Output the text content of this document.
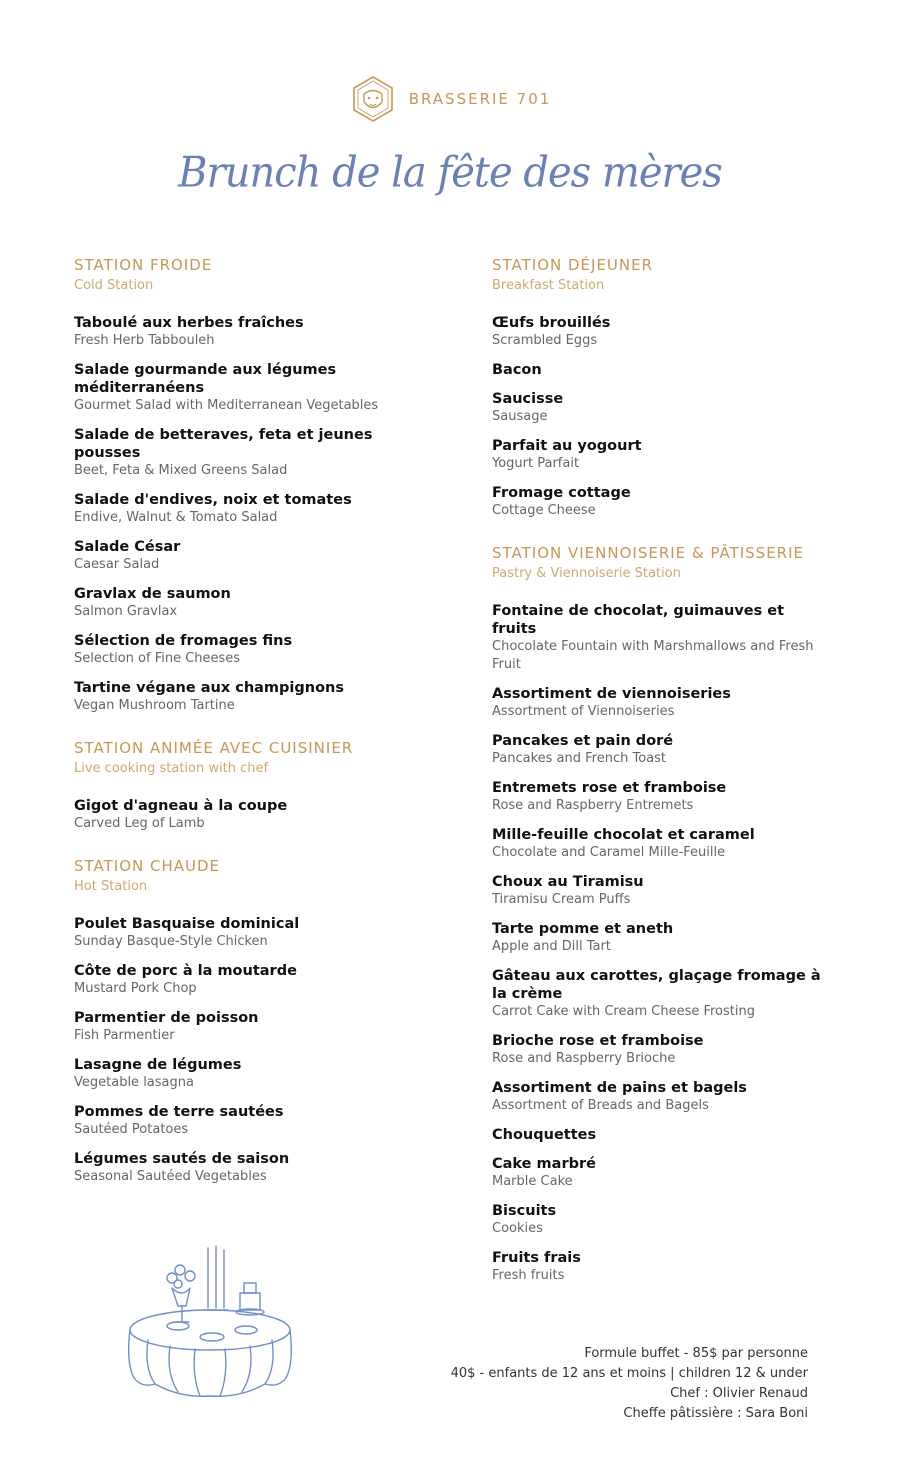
BRASSERIE 701
Brunch de la fête des mères
STATION FROIDE
Cold Station
Taboulé aux herbes fraîches
Fresh Herb Tabbouleh
Salade gourmande aux légumes méditerranéens
Gourmet Salad with Mediterranean Vegetables
Salade de betteraves, feta et jeunes pousses
Beet, Feta & Mixed Greens Salad
Salade d'endives, noix et tomates
Endive, Walnut & Tomato Salad
Salade César
Caesar Salad
Gravlax de saumon
Salmon Gravlax
Sélection de fromages fins
Selection of Fine Cheeses
Tartine végane aux champignons
Vegan Mushroom Tartine
STATION ANIMÉE AVEC CUISINIER
Live cooking station with chef
Gigot d'agneau à la coupe
Carved Leg of Lamb
STATION CHAUDE
Hot Station
Poulet Basquaise dominical
Sunday Basque-Style Chicken
Côte de porc à la moutarde
Mustard Pork Chop
Parmentier de poisson
Fish Parmentier
Lasagne de légumes
Vegetable lasagna
Pommes de terre sautées
Sautéed Potatoes
Légumes sautés de saison
Seasonal Sautéed Vegetables
STATION DÉJEUNER
Breakfast Station
Œufs brouillés
Scrambled Eggs
Bacon
Saucisse
Sausage
Parfait au yogourt
Yogurt Parfait
Fromage cottage
Cottage Cheese
STATION VIENNOISERIE & PÂTISSERIE
Pastry & Viennoiserie Station
Fontaine de chocolat, guimauves et fruits
Chocolate Fountain with Marshmallows and Fresh Fruit
Assortiment de viennoiseries
Assortment of Viennoiseries
Pancakes et pain doré
Pancakes and French Toast
Entremets rose et framboise
Rose and Raspberry Entremets
Mille-feuille chocolat et caramel
Chocolate and Caramel Mille-Feuille
Choux au Tiramisu
Tiramisu Cream Puffs
Tarte pomme et aneth
Apple and Dill Tart
Gâteau aux carottes, glaçage fromage à la crème
Carrot Cake with Cream Cheese Frosting
Brioche rose et framboise
Rose and Raspberry Brioche
Assortiment de pains et bagels
Assortment of Breads and Bagels
Chouquettes
Cake marbré
Marble Cake
Biscuits
Cookies
Fruits frais
Fresh fruits
Formule buffet - 85$ par personne
40$ - enfants de 12 ans et moins | children 12 & under
Chef : Olivier Renaud
Cheffe pâtissière : Sara Boni
